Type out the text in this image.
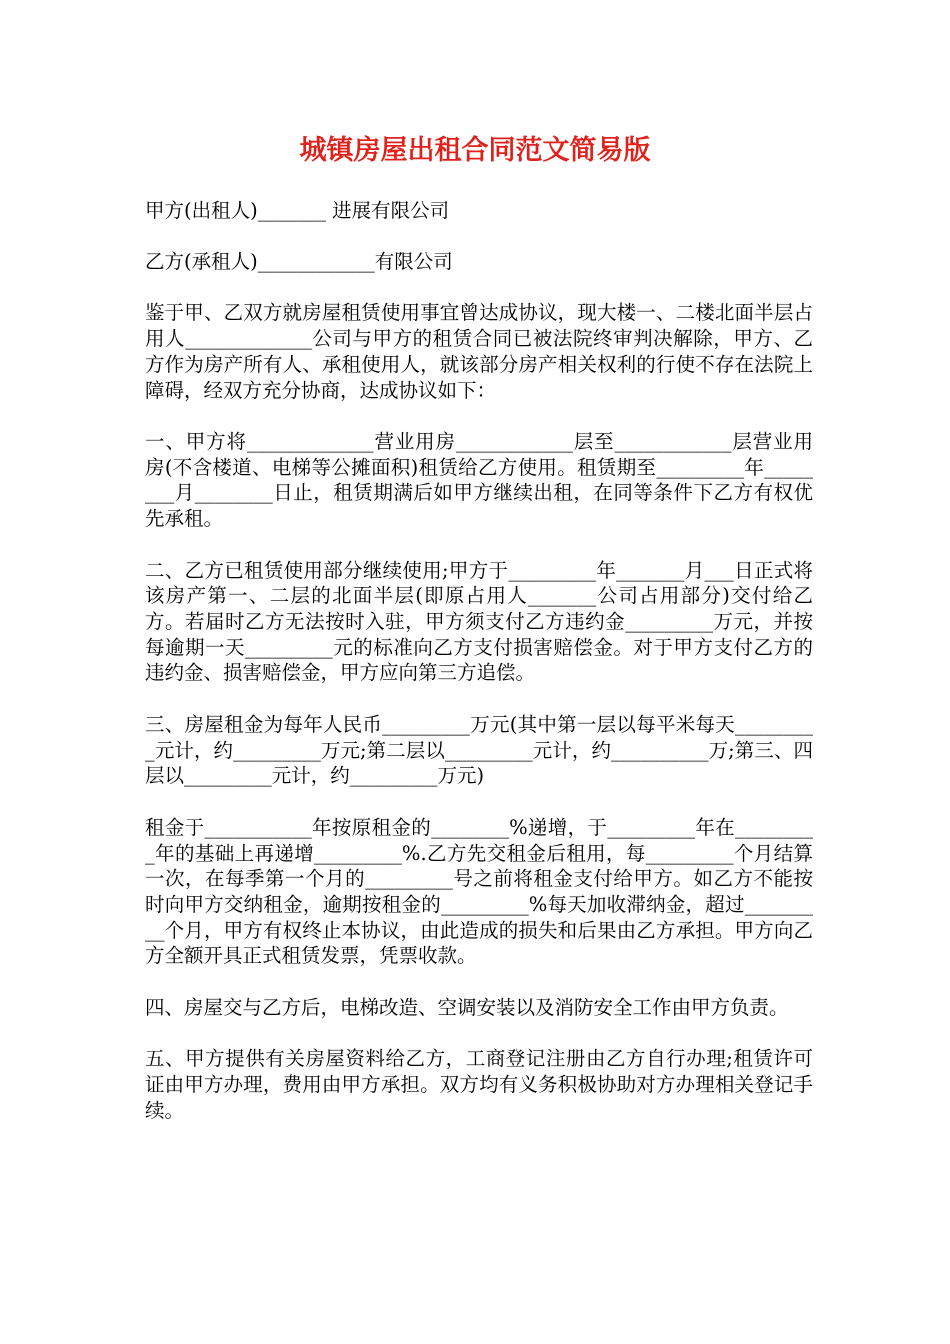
城镇房屋出租合同范文简易版

甲方(出租人)_______ 进展有限公司

乙方(承租人)____________有限公司

鉴于甲、乙双方就房屋租赁使用事宜曾达成协议，现大楼一、二楼北面半层占用人_____________公司与甲方的租赁合同已被法院终审判决解除，甲方、乙方作为房产所有人、承租使用人，就该部分房产相关权利的行使不存在法院上障碍，经双方充分协商，达成协议如下：

一、甲方将_____________营业用房____________层至____________层营业用房(不含楼道、电梯等公摊面积)租赁给乙方使用。租赁期至_________年________月________日止，租赁期满后如甲方继续出租，在同等条件下乙方有权优先承租。

二、乙方已租赁使用部分继续使用;甲方于_________年_______月___日正式将该房产第一、二层的北面半层(即原占用人_______公司占用部分)交付给乙方。若届时乙方无法按时入驻，甲方须支付乙方违约金_________万元，并按每逾期一天_________元的标准向乙方支付损害赔偿金。对于甲方支付乙方的违约金、损害赔偿金，甲方应向第三方追偿。

三、房屋租金为每年人民币_________万元(其中第一层以每平米每天_________元计，约_________万元;第二层以_________元计，约__________万;第三、四层以_________元计，约_________万元)

租金于___________年按原租金的________%递增，于_________年在_________年的基础上再递增_________%.乙方先交租金后租用，每_________个月结算一次，在每季第一个月的_________号之前将租金支付给甲方。如乙方不能按时向甲方交纳租金，逾期按租金的_________%每天加收滞纳金，超过_________个月，甲方有权终止本协议，由此造成的损失和后果由乙方承担。甲方向乙方全额开具正式租赁发票，凭票收款。

四、房屋交与乙方后，电梯改造、空调安装以及消防安全工作由甲方负责。

五、甲方提供有关房屋资料给乙方，工商登记注册由乙方自行办理;租赁许可证由甲方办理，费用由甲方承担。双方均有义务积极协助对方办理相关登记手续。
